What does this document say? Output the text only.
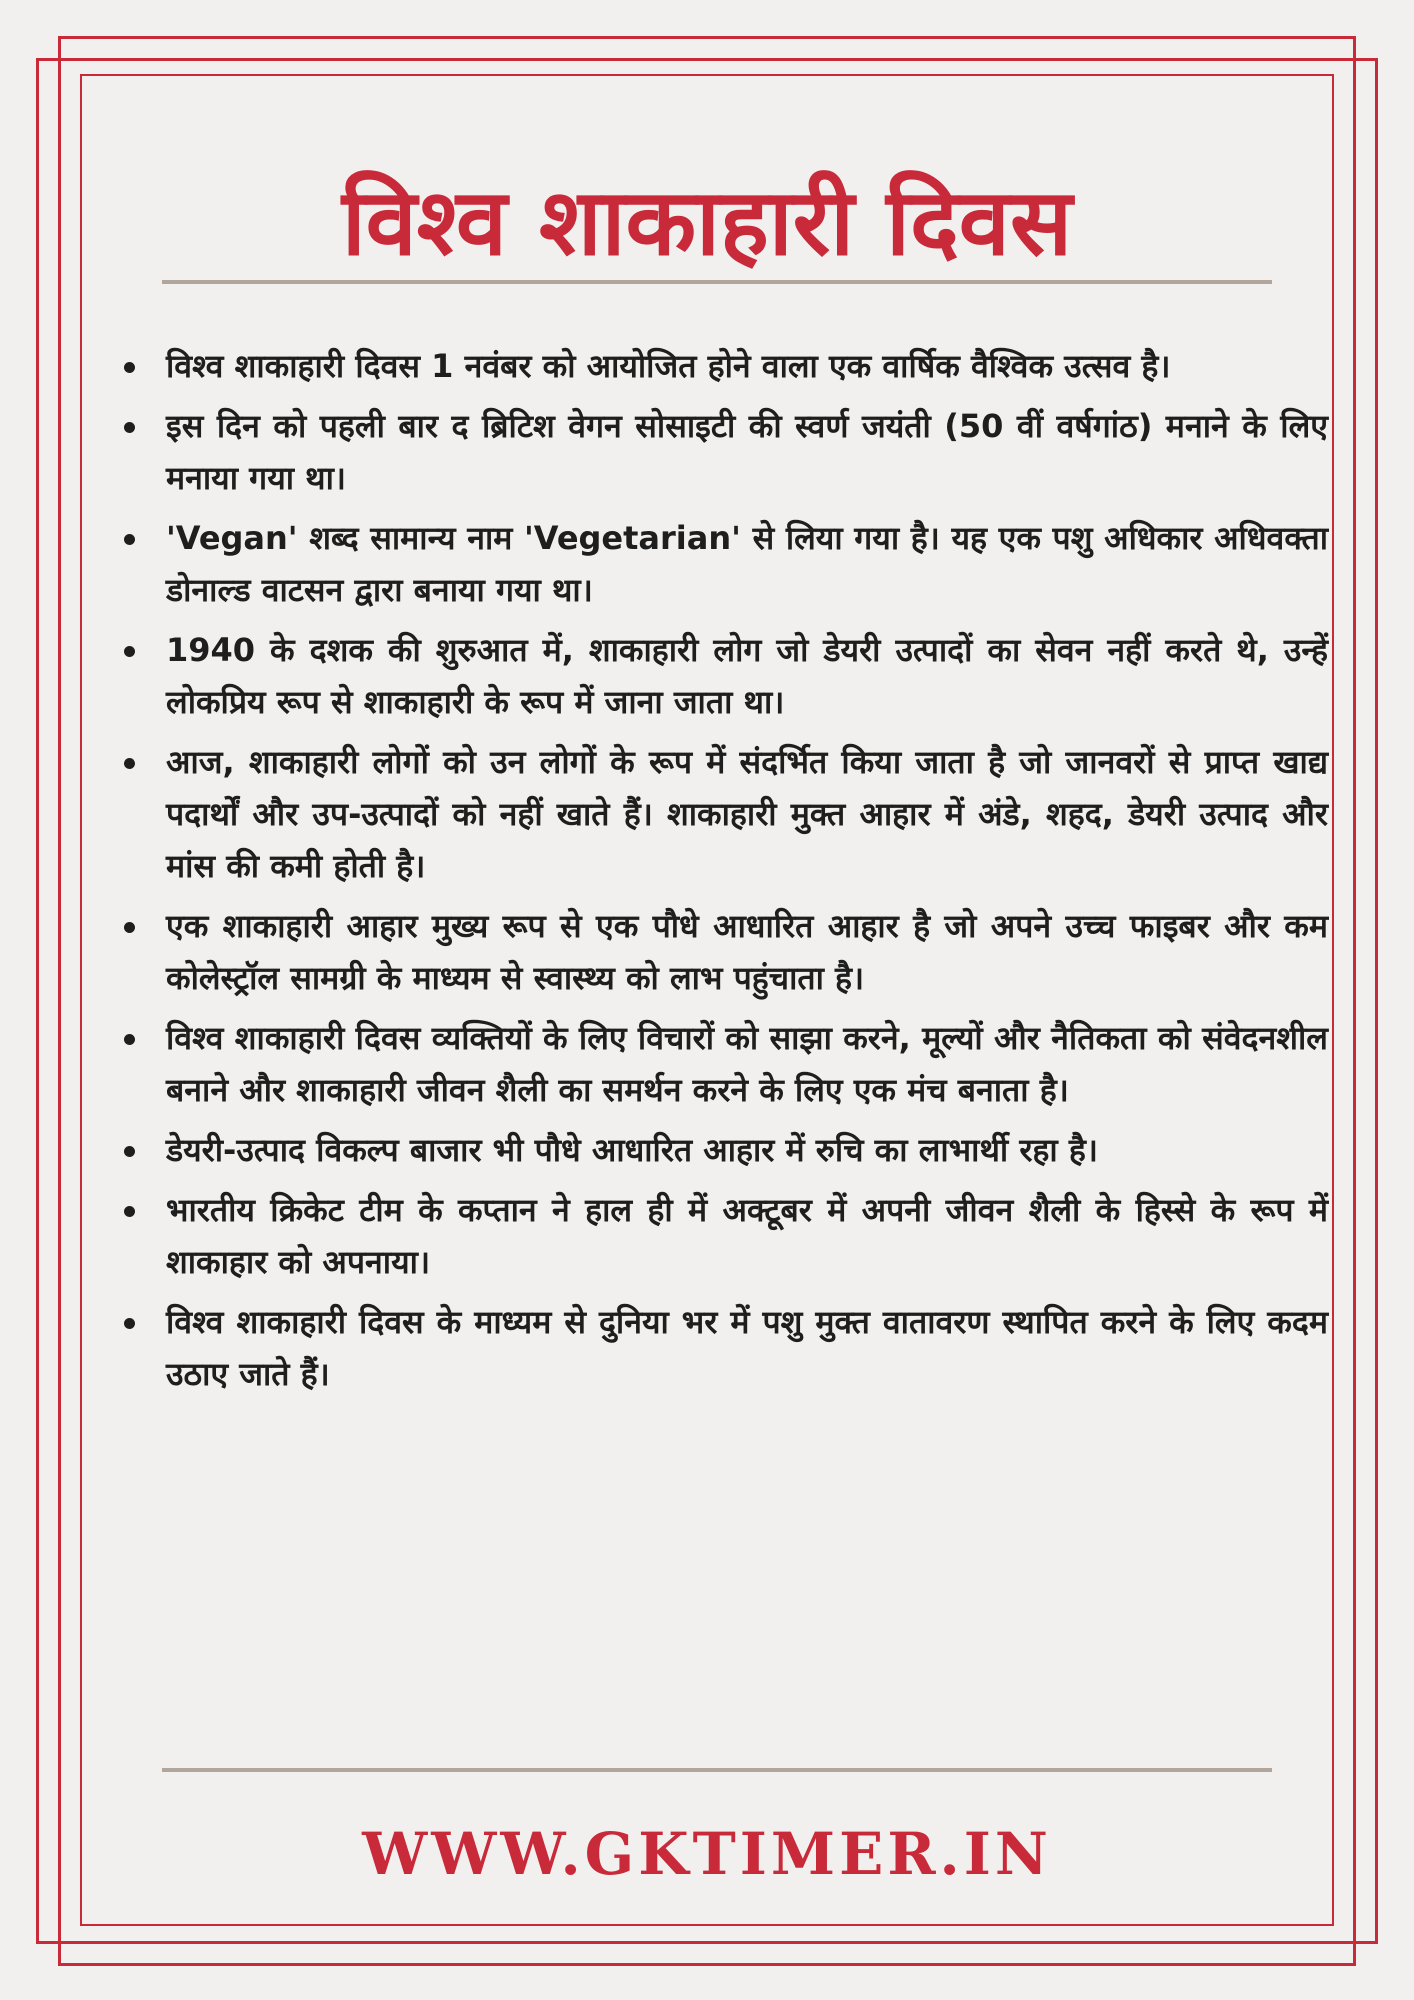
विश्व शाकाहारी दिवस
विश्व शाकाहारी दिवस 1 नवंबर को आयोजित होने वाला एक वार्षिक वैश्विक उत्सव है।
इस दिन को पहली बार द ब्रिटिश वेगन सोसाइटी की स्वर्ण जयंती (50 वीं वर्षगांठ) मनाने के लिए मनाया गया था।
'Vegan' शब्द सामान्य नाम 'Vegetarian' से लिया गया है। यह एक पशु अधिकार अधिवक्ता डोनाल्ड वाटसन द्वारा बनाया गया था।
1940 के दशक की शुरुआत में, शाकाहारी लोग जो डेयरी उत्पादों का सेवन नहीं करते थे, उन्हें लोकप्रिय रूप से शाकाहारी के रूप में जाना जाता था।
आज, शाकाहारी लोगों को उन लोगों के रूप में संदर्भित किया जाता है जो जानवरों से प्राप्त खाद्य पदार्थों और उप-उत्पादों को नहीं खाते हैं। शाकाहारी मुक्त आहार में अंडे, शहद, डेयरी उत्पाद और मांस की कमी होती है।
एक शाकाहारी आहार मुख्य रूप से एक पौधे आधारित आहार है जो अपने उच्च फाइबर और कम कोलेस्ट्रॉल सामग्री के माध्यम से स्वास्थ्य को लाभ पहुंचाता है।
विश्व शाकाहारी दिवस व्यक्तियों के लिए विचारों को साझा करने, मूल्यों और नैतिकता को संवेदनशील बनाने और शाकाहारी जीवन शैली का समर्थन करने के लिए एक मंच बनाता है।
डेयरी-उत्पाद विकल्प बाजार भी पौधे आधारित आहार में रुचि का लाभार्थी रहा है।
भारतीय क्रिकेट टीम के कप्तान ने हाल ही में अक्टूबर में अपनी जीवन शैली के हिस्से के रूप में शाकाहार को अपनाया।
विश्व शाकाहारी दिवस के माध्यम से दुनिया भर में पशु मुक्त वातावरण स्थापित करने के लिए कदम उठाए जाते हैं।
WWW.GKTIMER.IN
